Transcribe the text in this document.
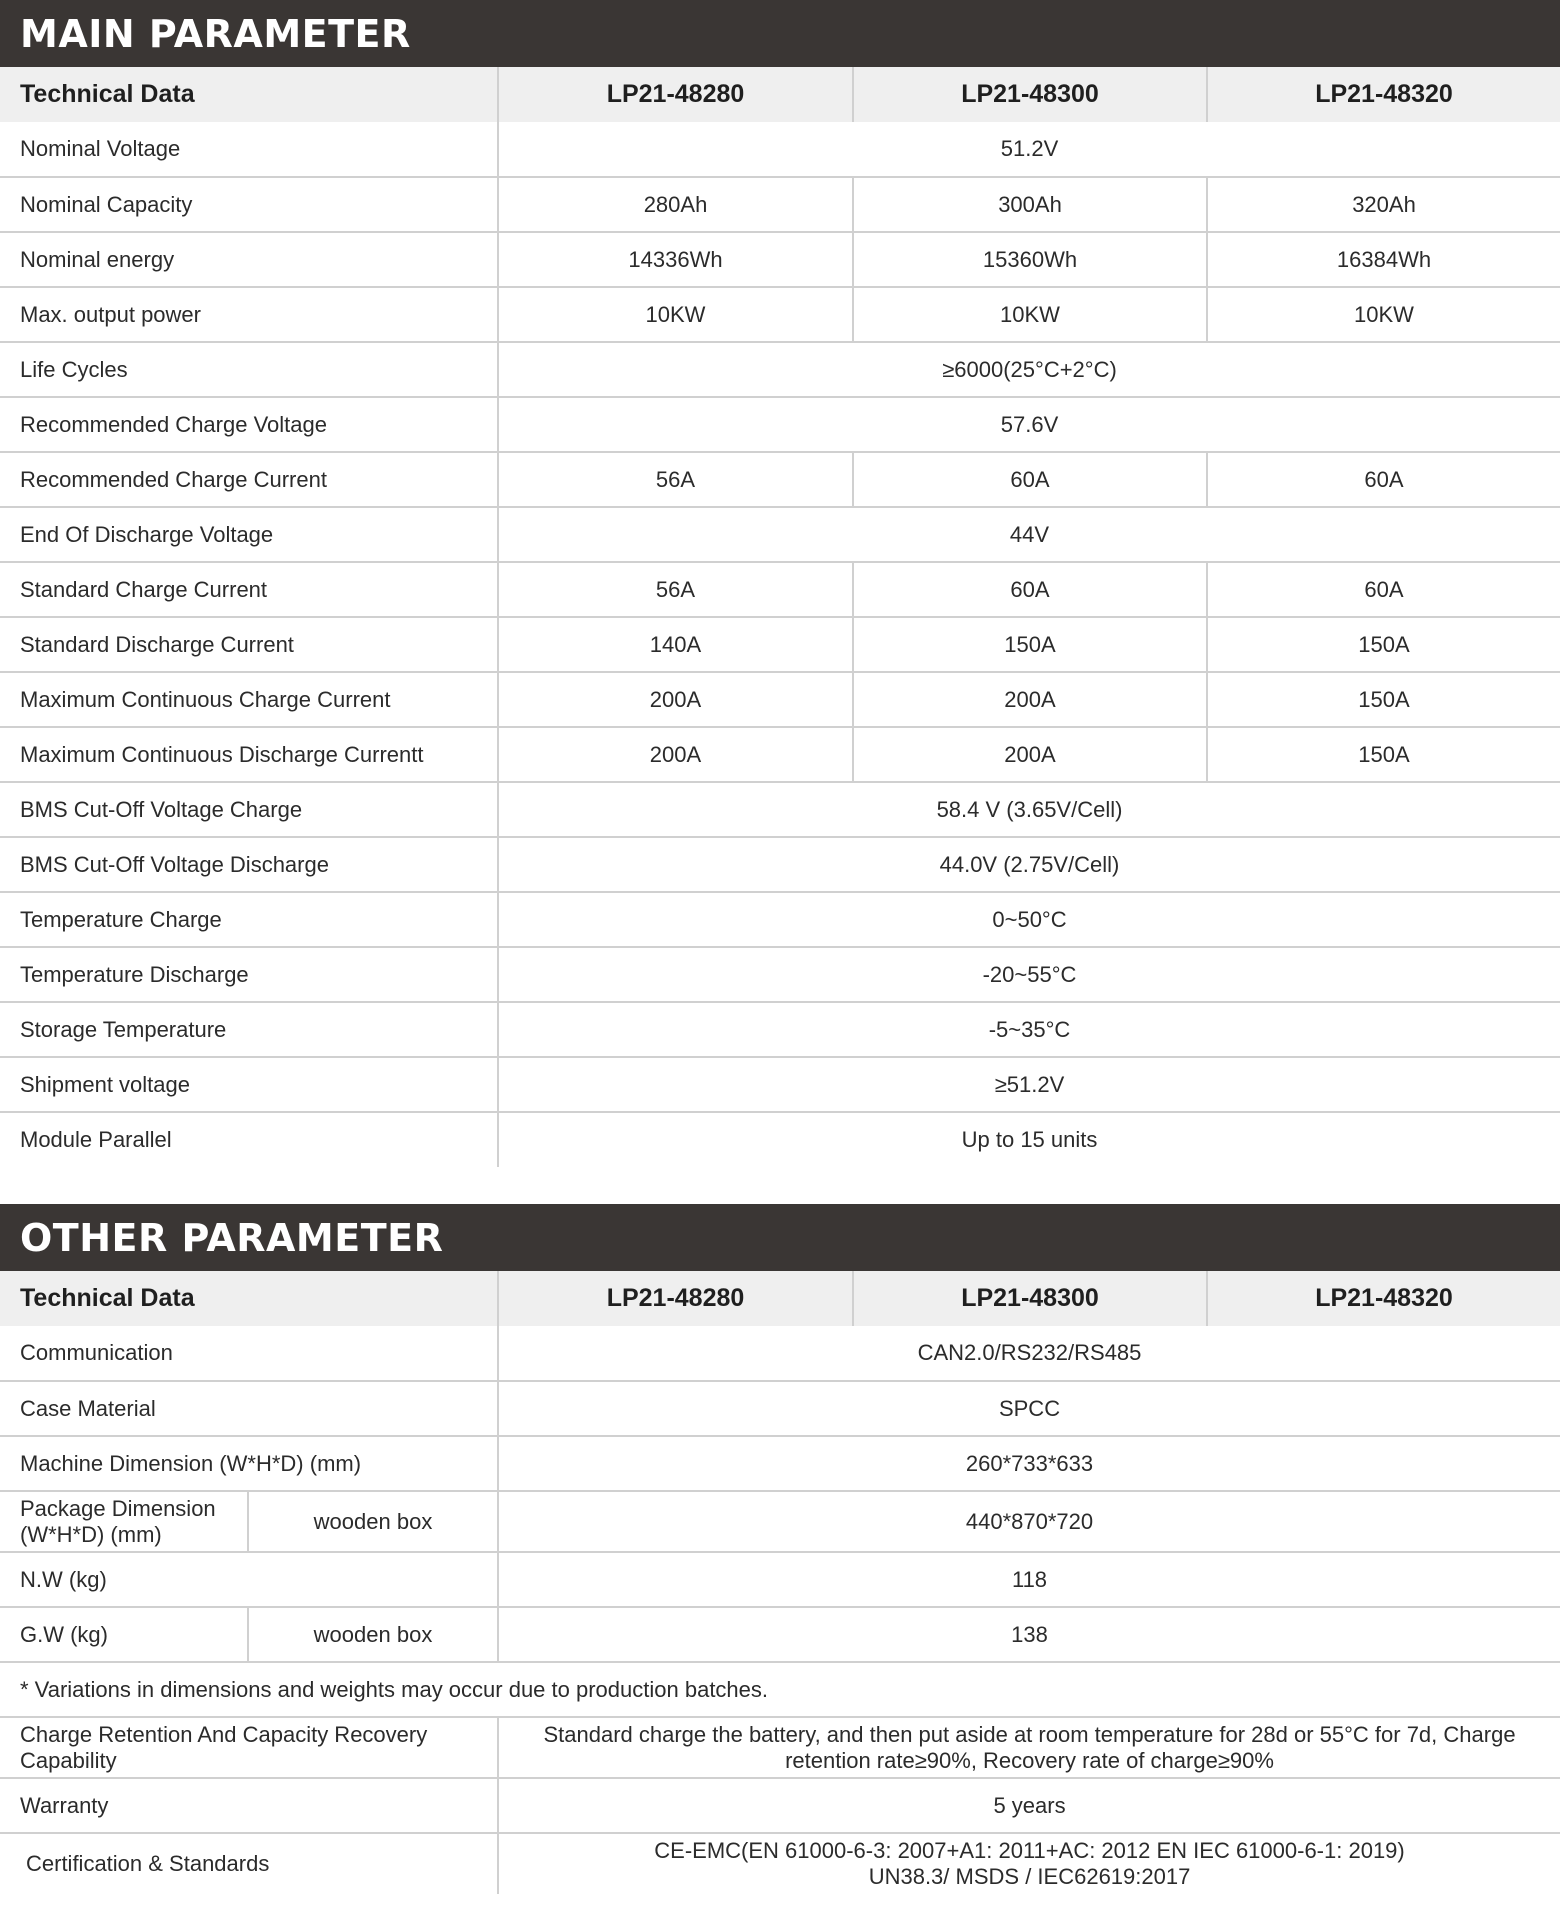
MAIN PARAMETER
Technical Data	LP21-48280	LP21-48300	LP21-48320
Nominal Voltage	51.2V		
Nominal Capacity	280Ah	300Ah	320Ah
Nominal energy	14336Wh	15360Wh	16384Wh
Max. output power	10KW	10KW	10KW
Life Cycles	≥6000(25°C+2°C)		
Recommended Charge Voltage	57.6V		
Recommended Charge Current	56A	60A	60A
End Of Discharge Voltage	44V		
Standard Charge Current	56A	60A	60A
Standard Discharge Current	140A	150A	150A
Maximum Continuous Charge Current	200A	200A	150A
Maximum Continuous Discharge Currentt	200A	200A	150A
BMS Cut-Off Voltage Charge	58.4 V (3.65V/Cell)		
BMS Cut-Off Voltage Discharge	44.0V (2.75V/Cell)		
Temperature Charge	0~50°C		
Temperature Discharge	-20~55°C		
Storage Temperature	-5~35°C		
Shipment voltage	≥51.2V		
Module Parallel	Up to 15 units		
OTHER PARAMETER
Technical Data		LP21-48280	LP21-48300	LP21-48320
Communication		CAN2.0/RS232/RS485		
Case Material		SPCC		
Machine Dimension (W*H*D) (mm)		260*733*633		
Package Dimension (W*H*D) (mm)	wooden box	440*870*720		
N.W (kg)		118		
G.W (kg)	wooden box	138		
* Variations in dimensions and weights may occur due to production batches.				
Charge Retention And Capacity Recovery Capability		Standard charge the battery, and then put aside at room temperature for 28d or 55°C for 7d, Charge retention rate≥90%, Recovery rate of charge≥90%		
Warranty		5 years		
Certification & Standards		CE-EMC(EN 61000-6-3: 2007+A1: 2011+AC: 2012 EN IEC 61000-6-1: 2019)
UN38.3/ MSDS / IEC62619:2017		
